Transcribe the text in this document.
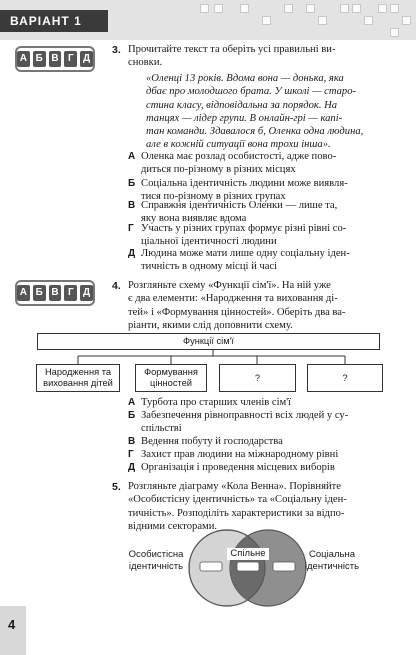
ВАРІАНТ 1
А Б В Г Д
3. Прочитайте текст та оберіть усі правильні ви-
сновки.
«Оленці 13 років. Вдома вона — донька, яка
дбає про молодшого брата. У школі — старо-
стина класу, відповідальна за порядок. На
танцях — лідер групи. В онлайн-грі — капі-
тан команди. Здавалося б, Оленка одна людина,
але в кожній ситуації вона трохи інша».
А Оленка має розлад особистості, адже пово-
диться по-різному в різних місцях
Б Соціальна ідентичність людини може виявля-
тися по-різному в різних групах
В Справжня ідентичність Оленки — лише та,
яку вона виявляє вдома
Г Участь у різних групах формує різні рівні со-
ціальної ідентичності людини
Д Людина може мати лише одну соціальну іден-
тичність в одному місці й часі
А Б В Г Д
4. Розгляньте схему «Функції сім'ї». На ній уже
є два елементи: «Народження та виховання ді-
тей» і «Формування цінностей». Оберіть два ва-
ріанти, якими слід доповнити схему.
Функції сім'ї
Народження та
виховання дітей
Формування
цінностей
?	?
А Турбота про старших членів сім'ї
Б Забезпечення рівноправності всіх людей у су-
спільстві
В Ведення побуту й господарства
Г Захист прав людини на міжнародному рівні
Д Організація і проведення місцевих виборів
5. Розгляньте діаграму «Кола Венна». Порівняйте
«Особистісну ідентичність» та «Соціальну іден-
тичність». Розподіліть характеристики за відпо-
відними секторами.
Особистісна
ідентичність
Спільне	Соціальна
ідентичність
4
